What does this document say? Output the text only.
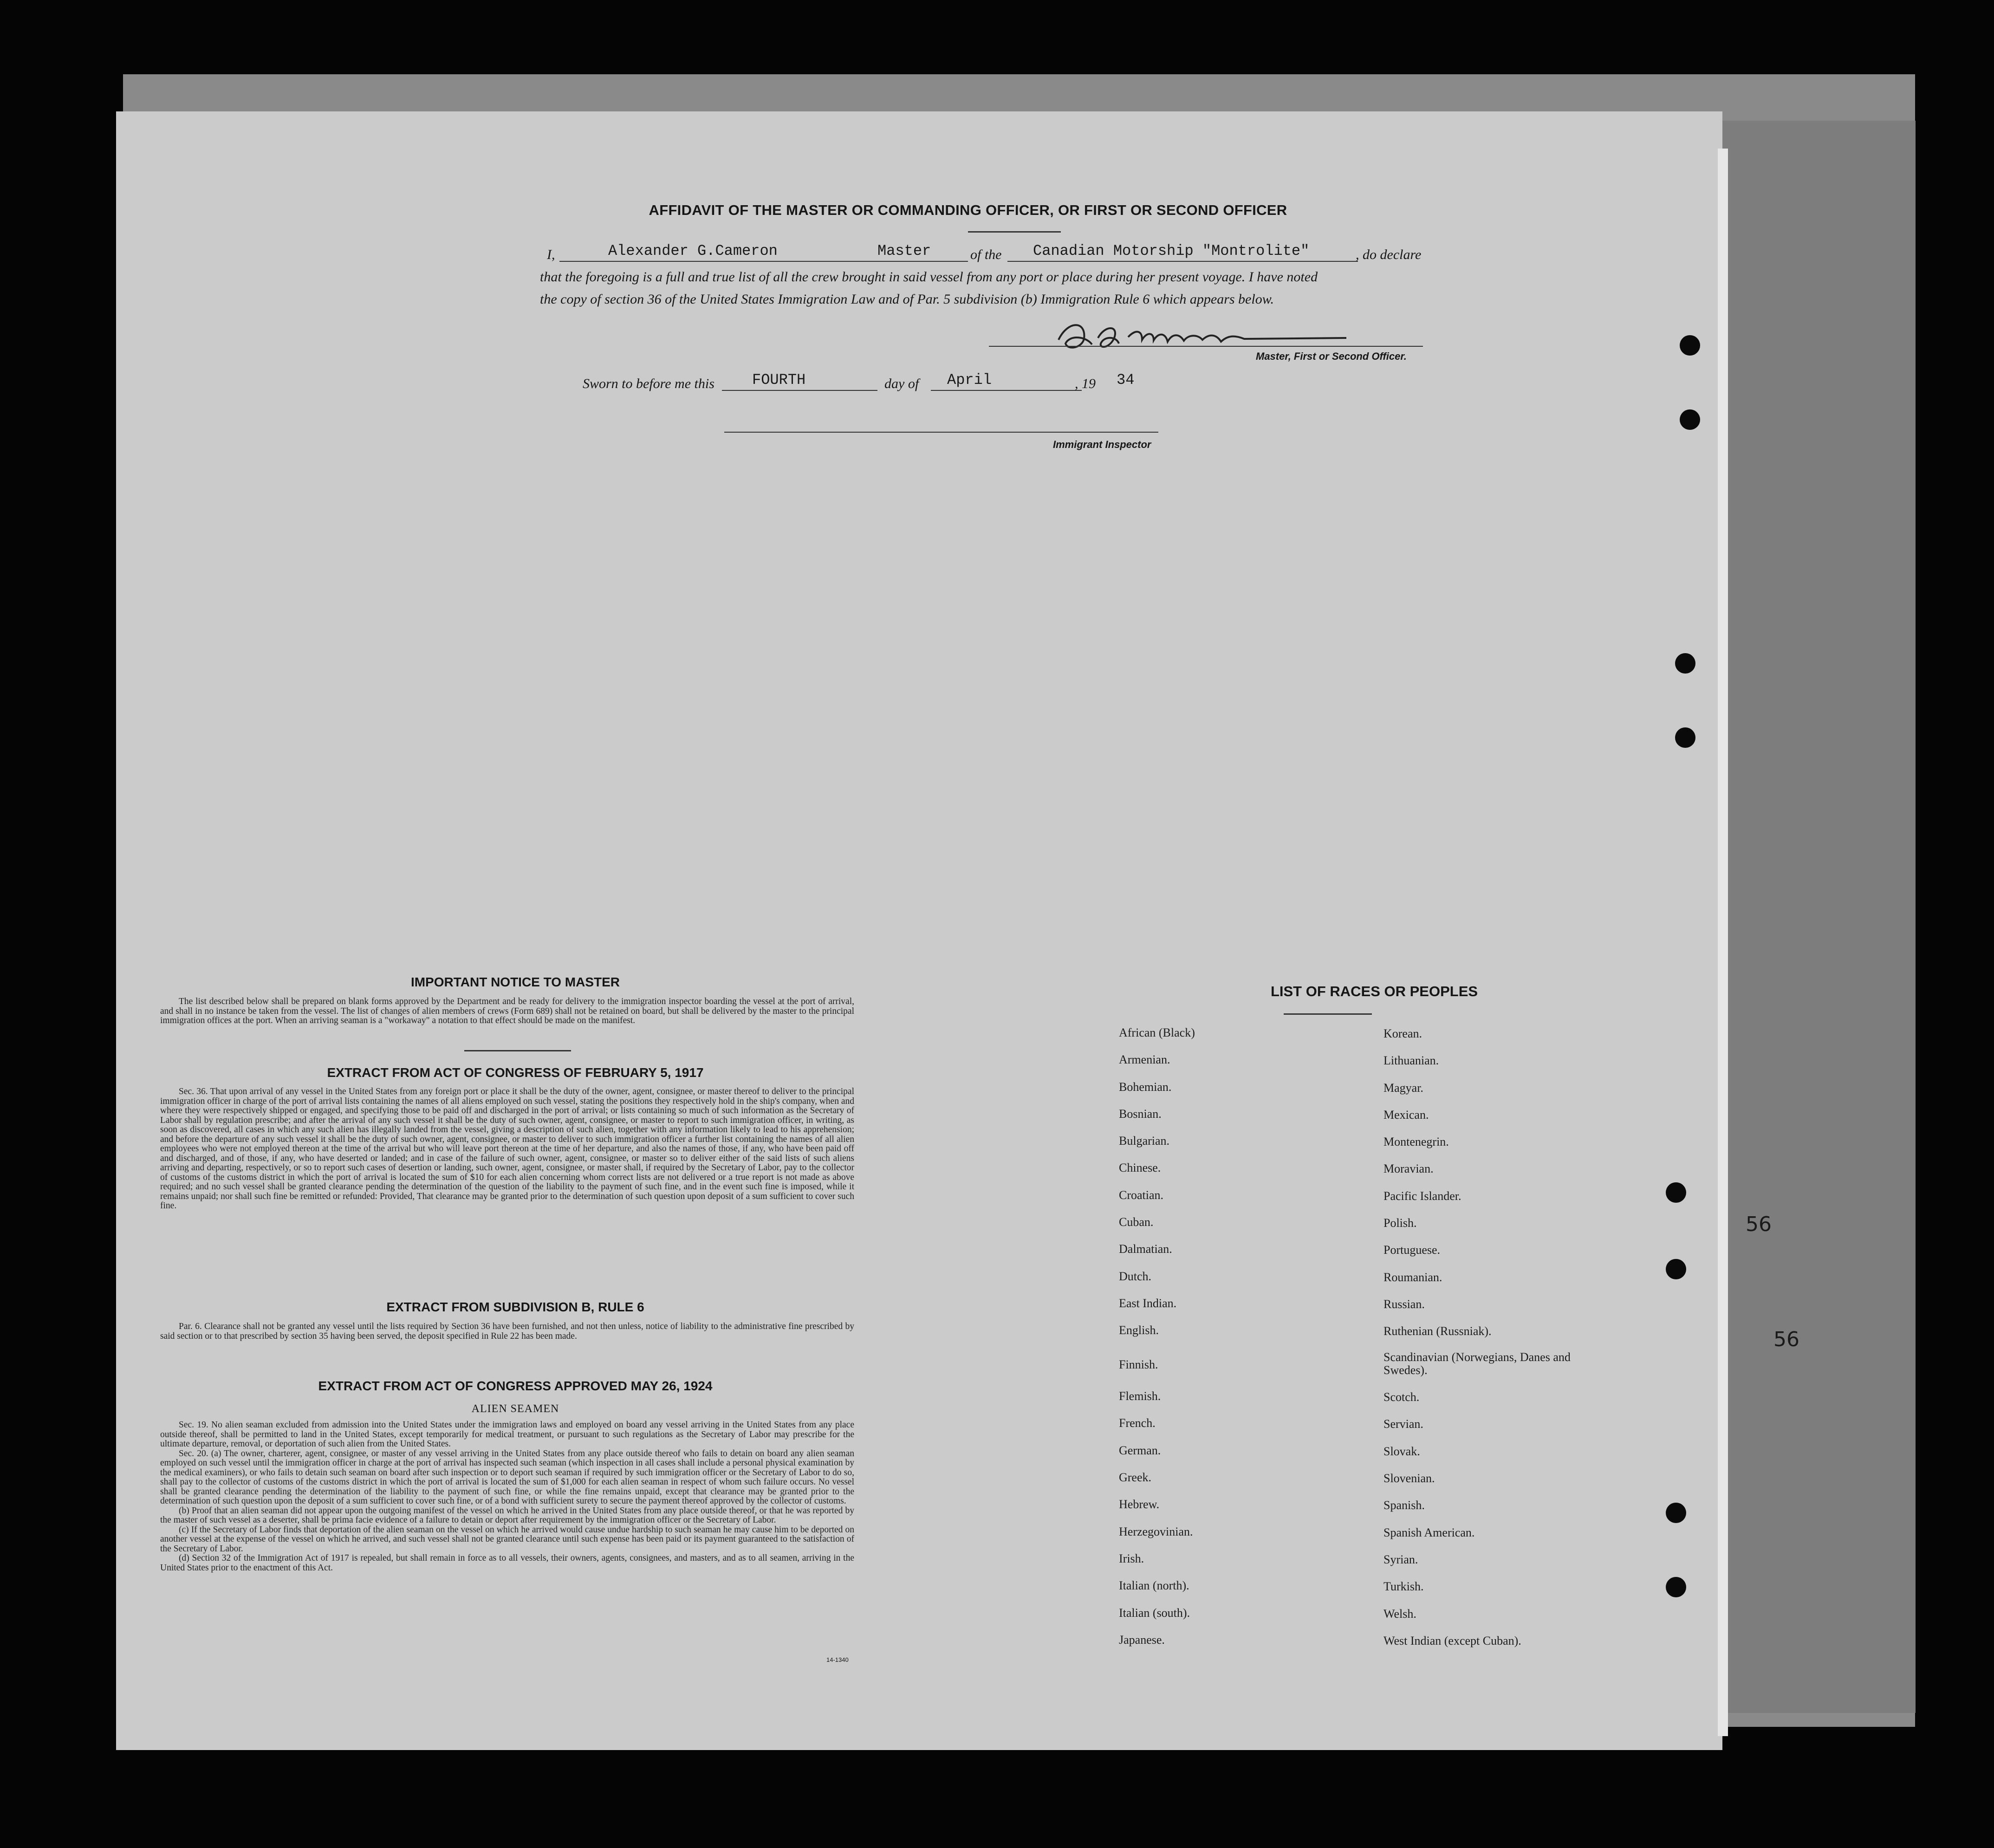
56
56
AFFIDAVIT OF THE MASTER OR COMMANDING OFFICER, OR FIRST OR SECOND OFFICER
I,	Alexander G.Cameron	Master	of the Canadian Motorship "Montrolite"	, do declare
that the foregoing is a full and true list of all the crew brought in said vessel from any port or place during her present voyage. I have noted
the copy of section 36 of the United States Immigration Law and of Par. 5 subdivision (b) Immigration Rule 6 which appears below.
Master, First or Second Officer.
Sworn to before me this	FOURTH	day of April	, 19 34
Immigrant Inspector
IMPORTANT NOTICE TO MASTER

The list described below shall be prepared on blank forms approved by the Department and be ready for delivery to the immigration inspector boarding the vessel at the port of arrival, and shall in no instance be taken from the vessel. The list of changes of alien members of crews (Form 689) shall not be retained on board, but shall be delivered by the master to the principal immigration offices at the port. When an arriving seaman is a "workaway" a notation to that effect should be made on the manifest.

EXTRACT FROM ACT OF CONGRESS OF FEBRUARY 5, 1917

Sec. 36. That upon arrival of any vessel in the United States from any foreign port or place it shall be the duty of the owner, agent, consignee, or master thereof to deliver to the principal immigration officer in charge of the port of arrival lists containing the names of all aliens employed on such vessel, stating the positions they respectively hold in the ship's company, when and where they were respectively shipped or engaged, and specifying those to be paid off and discharged in the port of arrival; or lists containing so much of such information as the Secretary of Labor shall by regulation prescribe; and after the arrival of any such vessel it shall be the duty of such owner, agent, consignee, or master to report to such immigration officer, in writing, as soon as discovered, all cases in which any such alien has illegally landed from the vessel, giving a description of such alien, together with any information likely to lead to his apprehension; and before the departure of any such vessel it shall be the duty of such owner, agent, consignee, or master to deliver to such immigration officer a further list containing the names of all alien employees who were not employed thereon at the time of the arrival but who will leave port thereon at the time of her departure, and also the names of those, if any, who have been paid off and discharged, and of those, if any, who have deserted or landed; and in case of the failure of such owner, agent, consignee, or master so to deliver either of the said lists of such aliens arriving and departing, respectively, or so to report such cases of desertion or landing, such owner, agent, consignee, or master shall, if required by the Secretary of Labor, pay to the collector of customs of the customs district in which the port of arrival is located the sum of $10 for each alien concerning whom correct lists are not delivered or a true report is not made as above required; and no such vessel shall be granted clearance pending the determination of the question of the liability to the payment of such fine, and in the event such fine is imposed, while it remains unpaid; nor shall such fine be remitted or refunded: Provided, That clearance may be granted prior to the determination of such question upon deposit of a sum sufficient to cover such fine.

EXTRACT FROM SUBDIVISION B, RULE 6

Par. 6. Clearance shall not be granted any vessel until the lists required by Section 36 have been furnished, and not then unless, notice of liability to the administrative fine prescribed by said section or to that prescribed by section 35 having been served, the deposit specified in Rule 22 has been made.

EXTRACT FROM ACT OF CONGRESS APPROVED MAY 26, 1924
ALIEN SEAMEN

Sec. 19. No alien seaman excluded from admission into the United States under the immigration laws and employed on board any vessel arriving in the United States from any place outside thereof, shall be permitted to land in the United States, except temporarily for medical treatment, or pursuant to such regulations as the Secretary of Labor may prescribe for the ultimate departure, removal, or deportation of such alien from the United States.

Sec. 20. (a) The owner, charterer, agent, consignee, or master of any vessel arriving in the United States from any place outside thereof who fails to detain on board any alien seaman employed on such vessel until the immigration officer in charge at the port of arrival has inspected such seaman (which inspection in all cases shall include a personal physical examination by the medical examiners), or who fails to detain such seaman on board after such inspection or to deport such seaman if required by such immigration officer or the Secretary of Labor to do so, shall pay to the collector of customs of the customs district in which the port of arrival is located the sum of $1,000 for each alien seaman in respect of whom such failure occurs. No vessel shall be granted clearance pending the determination of the liability to the payment of such fine, or while the fine remains unpaid, except that clearance may be granted prior to the determination of such question upon the deposit of a sum sufficient to cover such fine, or of a bond with sufficient surety to secure the payment thereof approved by the collector of customs.

(b) Proof that an alien seaman did not appear upon the outgoing manifest of the vessel on which he arrived in the United States from any place outside thereof, or that he was reported by the master of such vessel as a deserter, shall be prima facie evidence of a failure to detain or deport after requirement by the immigration officer or the Secretary of Labor.

(c) If the Secretary of Labor finds that deportation of the alien seaman on the vessel on which he arrived would cause undue hardship to such seaman he may cause him to be deported on another vessel at the expense of the vessel on which he arrived, and such vessel shall not be granted clearance until such expense has been paid or its payment guaranteed to the satisfaction of the Secretary of Labor.

(d) Section 32 of the Immigration Act of 1917 is repealed, but shall remain in force as to all vessels, their owners, agents, consignees, and masters, and as to all seamen, arriving in the United States prior to the enactment of this Act.

14-1340
LIST OF RACES OR PEOPLES
African (Black)
Armenian.
Bohemian.
Bosnian.
Bulgarian.
Chinese.
Croatian.
Cuban.
Dalmatian.
Dutch.
East Indian.
English.
Finnish.
Flemish.
French.
German.
Greek.
Hebrew.
Herzegovinian.
Irish.
Italian (north).
Italian (south).
Japanese.
Korean.
Lithuanian.
Magyar.
Mexican.
Montenegrin.
Moravian.
Pacific Islander.
Polish.
Portuguese.
Roumanian.
Russian.
Ruthenian (Russniak).
Scandinavian (Norwegians, Danes and Swedes).
Scotch.
Servian.
Slovak.
Slovenian.
Spanish.
Spanish American.
Syrian.
Turkish.
Welsh.
West Indian (except Cuban).
